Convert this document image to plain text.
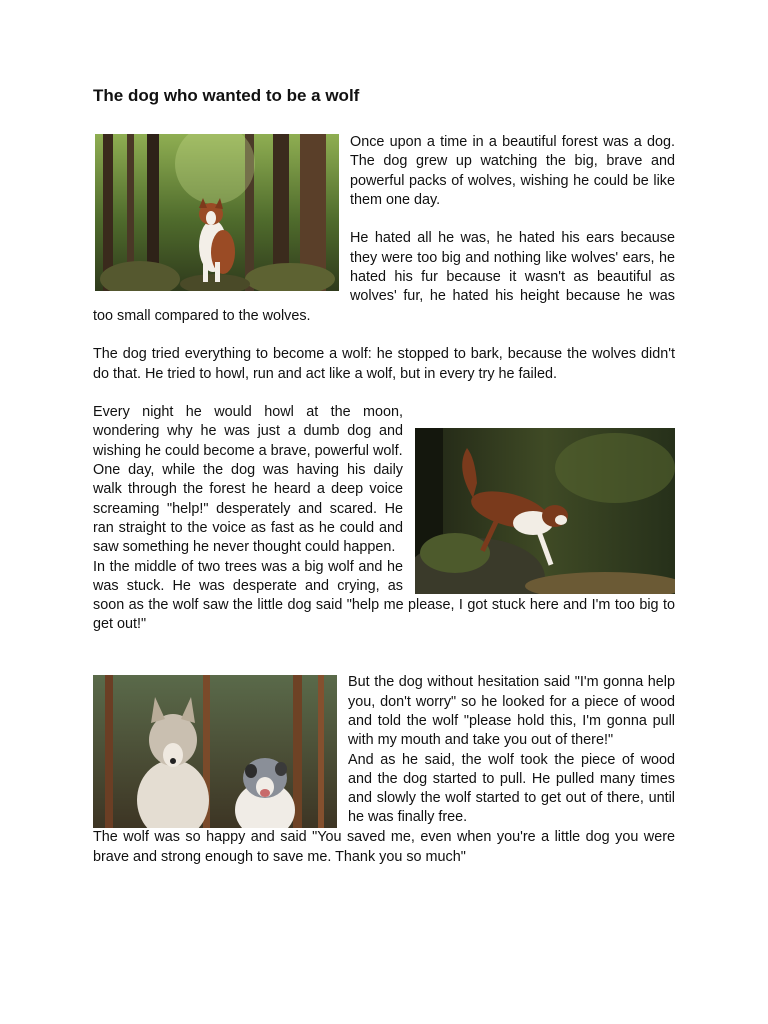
The dog who wanted to be a wolf

Once upon a time in a beautiful forest was a dog. The dog grew up watching the big, brave and powerful packs of wolves, wishing he could be like them one day.

He hated all he was, he hated his ears because they were too big and nothing like wolves' ears, he hated his fur because it wasn't as beautiful as wolves' fur, he hated his height because he was too small compared to the wolves.

The dog tried everything to become a wolf: he stopped to bark, because the wolves didn't do that. He tried to howl, run and act like a wolf, but in every try he failed.

Every night he would howl at the moon, wondering why he was just a dumb dog and wishing he could become a brave, powerful wolf.

One day, while the dog was having his daily walk through the forest he heard a deep voice screaming "help!" desperately and scared. He ran straight to the voice as fast as he could and saw something he never thought could happen.

In the middle of two trees was a big wolf and he was stuck. He was desperate and crying, as soon as the wolf saw the little dog said "help me please, I got stuck here and I'm too big to get out!"

But the dog without hesitation said "I'm gonna help you, don't worry" so he looked for a piece of wood and told the wolf "please hold this, I'm gonna pull with my mouth and take you out of there!"

And as he said, the wolf took the piece of wood and the dog started to pull. He pulled many times and slowly the wolf started to get out of there, until he was finally free.

The wolf was so happy and said "You saved me, even when you're a little dog you were brave and strong enough to save me. Thank you so much"
